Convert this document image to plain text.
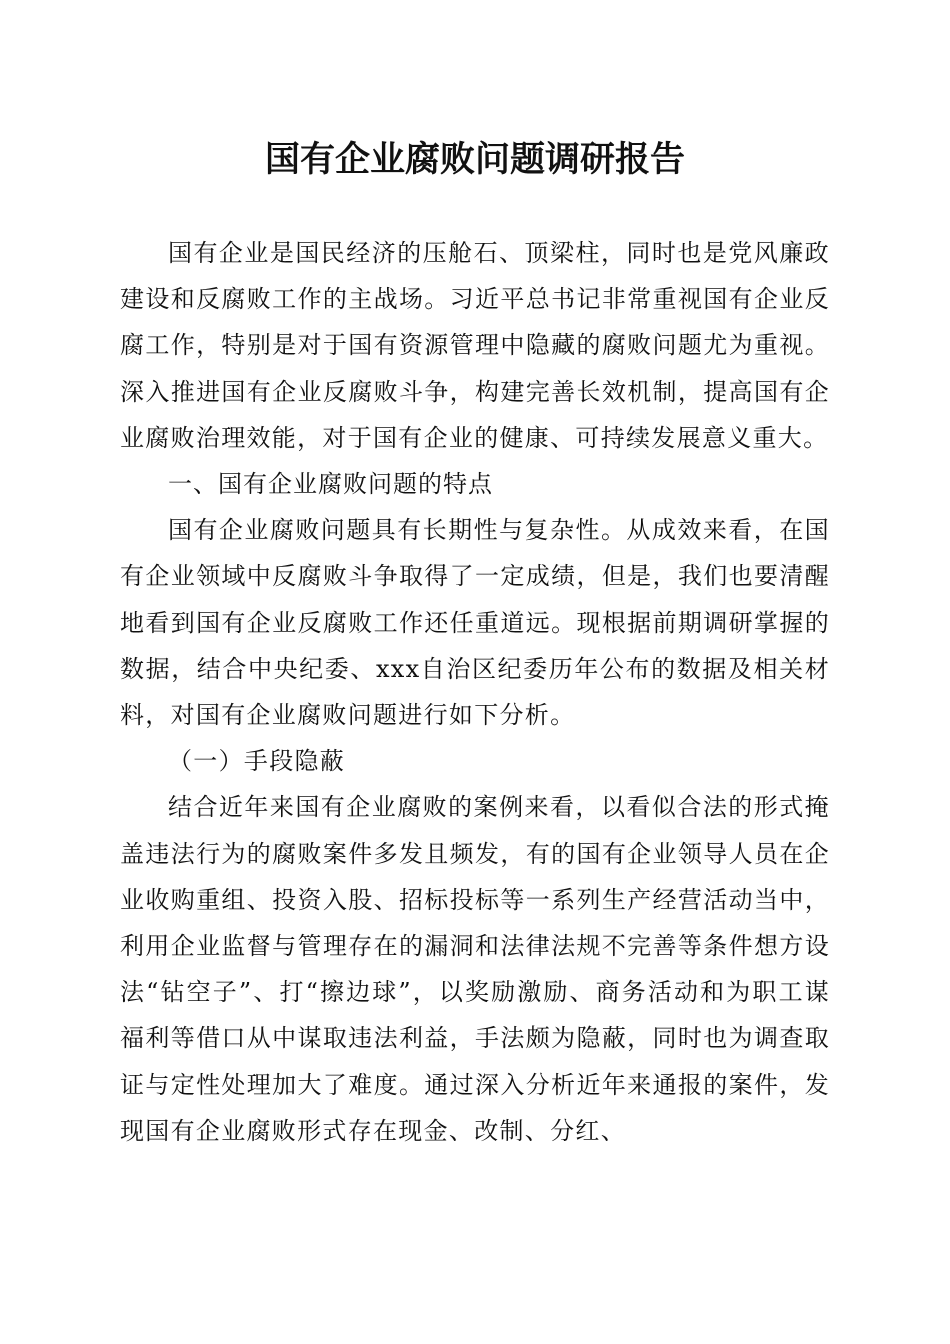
国有企业腐败问题调研报告

国有企业是国民经济的压舱石、顶梁柱，同时也是党风廉政建设和反腐败工作的主战场。习近平总书记非常重视国有企业反腐工作，特别是对于国有资源管理中隐藏的腐败问题尤为重视。深入推进国有企业反腐败斗争，构建完善长效机制，提高国有企业腐败治理效能，对于国有企业的健康、可持续发展意义重大。

一、国有企业腐败问题的特点

国有企业腐败问题具有长期性与复杂性。从成效来看，在国有企业领域中反腐败斗争取得了一定成绩，但是，我们也要清醒地看到国有企业反腐败工作还任重道远。现根据前期调研掌握的数据，结合中央纪委、xxx自治区纪委历年公布的数据及相关材料，对国有企业腐败问题进行如下分析。

（一）手段隐蔽

结合近年来国有企业腐败的案例来看，以看似合法的形式掩盖违法行为的腐败案件多发且频发，有的国有企业领导人员在企业收购重组、投资入股、招标投标等一系列生产经营活动当中，利用企业监督与管理存在的漏洞和法律法规不完善等条件想方设法“钻空子”、打“擦边球”，以奖励激励、商务活动和为职工谋福利等借口从中谋取违法利益，手法颇为隐蔽，同时也为调查取证与定性处理加大了难度。通过深入分析近年来通报的案件，发现国有企业腐败形式存在现金、改制、分红、
